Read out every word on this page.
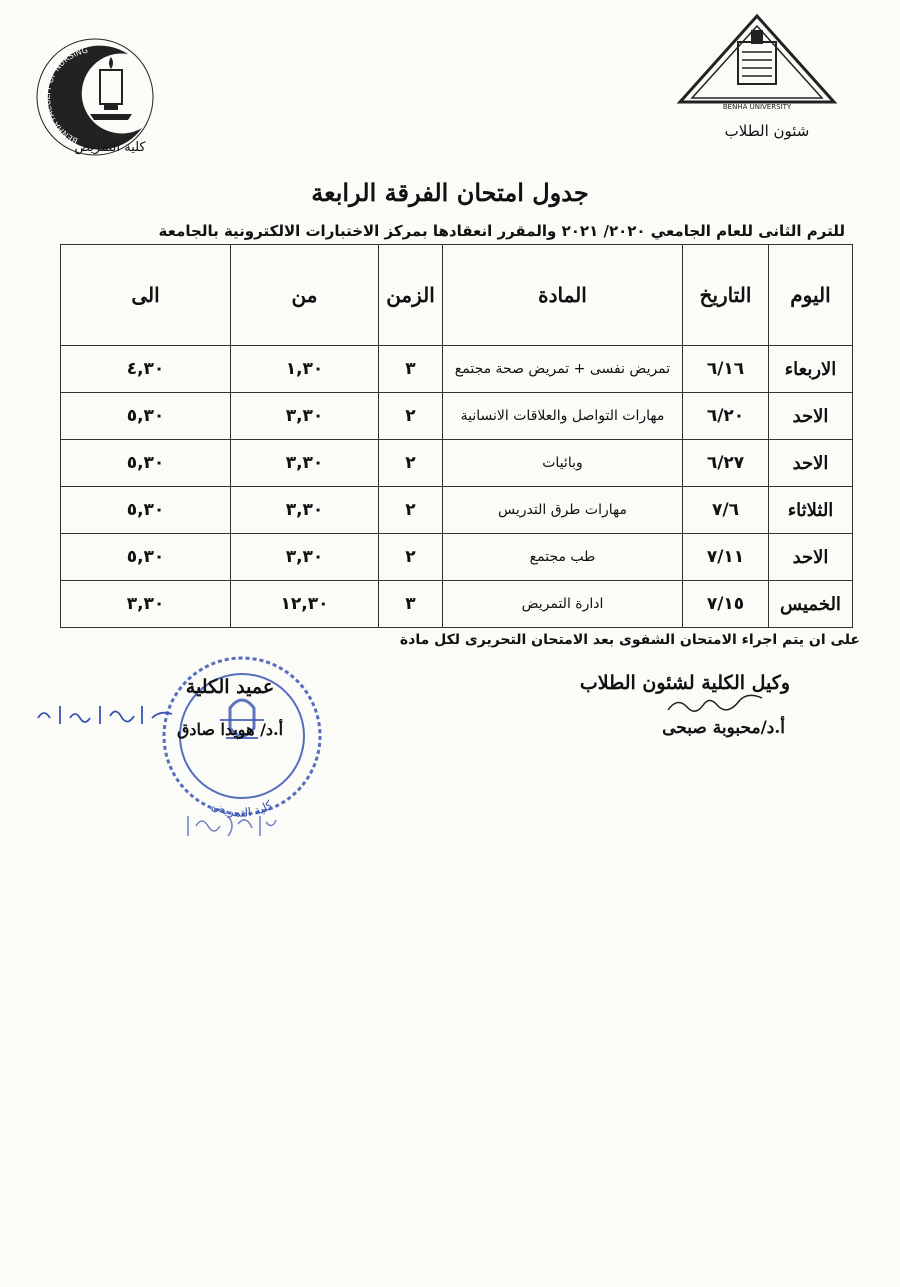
BENHA FACULTY OF NURSING
كلية التمريض
BENHA UNIVERSITY
شئون الطلاب
جدول امتحان الفرقة الرابعة
للترم الثانى للعام الجامعي ٢٠٢٠/ ٢٠٢١ والمقرر انعقادها بمركز الاختبارات الالكترونية بالجامعة
اليوم	التاريخ	المادة	الزمن	من	الى
الاربعاء	٦/١٦	تمريض نفسى + تمريض صحة مجتمع	٣	١,٣٠	٤,٣٠
الاحد	٦/٢٠	مهارات التواصل والعلاقات الانسانية	٢	٣,٣٠	٥,٣٠
الاحد	٦/٢٧	وبائيات	٢	٣,٣٠	٥,٣٠
الثلاثاء	٧/٦	مهارات طرق التدريس	٢	٣,٣٠	٥,٣٠
الاحد	٧/١١	طب مجتمع	٢	٣,٣٠	٥,٣٠
الخميس	٧/١٥	ادارة التمريض	٣	١٢,٣٠	٣,٣٠
على ان يتم اجراء الامتحان الشفوى بعد الامتحان التحريرى لكل مادة
وكيل الكلية لشئون الطلاب
أ.د/محبوبة صبحى
كلية التمريض
عميد الكلية
أ.د/ هويدا صادق
